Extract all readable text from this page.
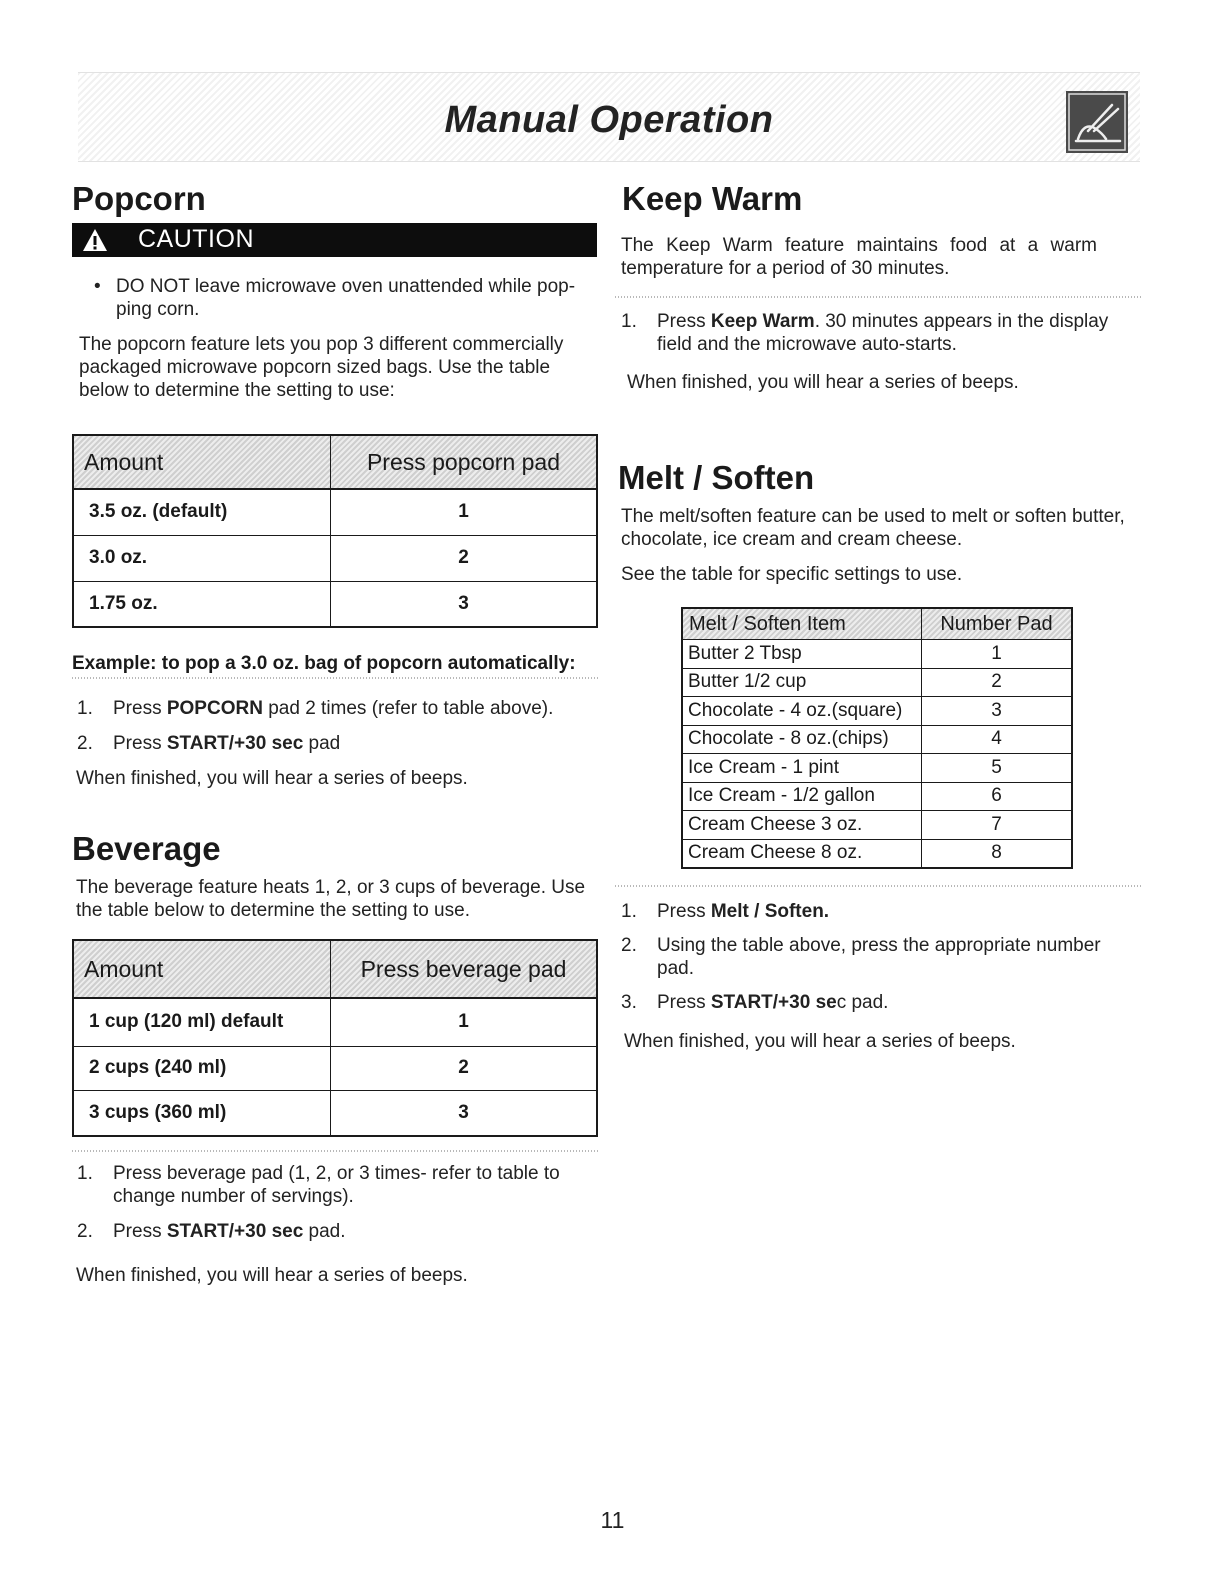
Manual Operation
Popcorn
CAUTION
• DO NOT leave microwave oven unattended while pop-ping corn.

The popcorn feature lets you pop 3 different commercially packaged microwave popcorn sized bags. Use the table below to determine the setting to use:

Amount	Press popcorn pad
3.5 oz. (default)	1
3.0 oz.	2
1.75 oz.	3

Example: to pop a 3.0 oz. bag of popcorn automatically:

1. Press POPCORN pad 2 times (refer to table above).
2. Press START/+30 sec pad

When finished, you will hear a series of beeps.

Beverage

The beverage feature heats 1, 2, or 3 cups of beverage. Use the table below to determine the setting to use.

Amount	Press beverage pad
1 cup (120 ml) default	1
2 cups (240 ml)	2
3 cups (360 ml)	3
1. Press beverage pad (1, 2, or 3 times- refer to table to change number of servings).
2. Press START/+30 sec pad.

When finished, you will hear a series of beeps.

Keep Warm

The Keep Warm feature maintains food at a warm temperature for a period of 30 minutes.

1. Press Keep Warm. 30 minutes appears in the display field and the microwave auto-starts.

When finished, you will hear a series of beeps.

Melt / Soften

The melt/soften feature can be used to melt or soften butter, chocolate, ice cream and cream cheese.

See the table for specific settings to use.

Melt / Soften Item	Number Pad
Butter 2 Tbsp	1
Butter 1/2 cup	2
Chocolate - 4 oz.(square)	3
Chocolate - 8 oz.(chips)	4
Ice Cream - 1 pint	5
Ice Cream - 1/2 gallon	6
Cream Cheese 3 oz.	7
Cream Cheese 8 oz.	8
1. Press Melt / Soften.
2. Using the table above, press the appropriate number pad.
3. Press START/+30 sec pad.

When finished, you will hear a series of beeps.

11
